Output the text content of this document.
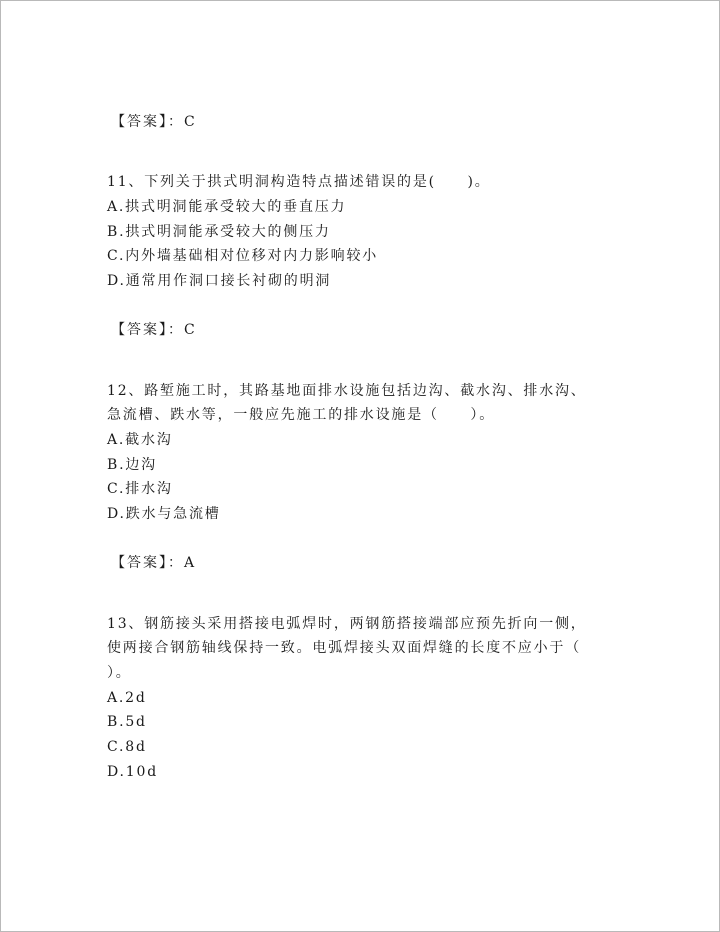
【答案】：C
11、下列关于拱式明洞构造特点描述错误的是(　　)。
A.拱式明洞能承受较大的垂直压力
B.拱式明洞能承受较大的侧压力
C.内外墙基础相对位移对内力影响较小
D.通常用作洞口接长衬砌的明洞
【答案】：C
12、路堑施工时，其路基地面排水设施包括边沟、截水沟、排水沟、
急流槽、跌水等，一般应先施工的排水设施是（　　）。
A.截水沟
B.边沟
C.排水沟
D.跌水与急流槽
【答案】：A
13、钢筋接头采用搭接电弧焊时，两钢筋搭接端部应预先折向一侧，
使两接合钢筋轴线保持一致。电弧焊接头双面焊缝的长度不应小于（
）。
A.2d
B.5d
C.8d
D.10d
